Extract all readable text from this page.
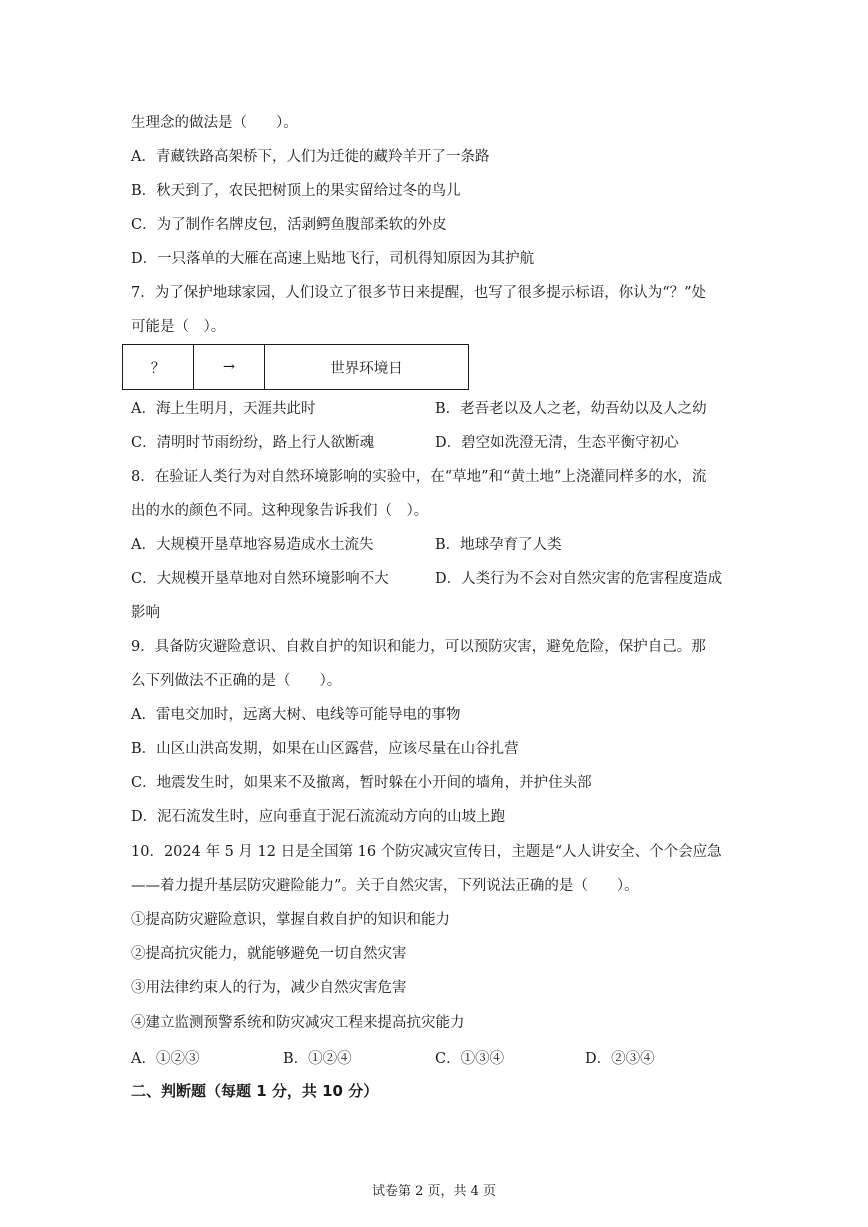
生理念的做法是（　　）。
A．青藏铁路高架桥下，人们为迁徙的藏羚羊开了一条路
B．秋天到了，农民把树顶上的果实留给过冬的鸟儿
C．为了制作名牌皮包，活剥鳄鱼腹部柔软的外皮
D．一只落单的大雁在高速上贴地飞行，司机得知原因为其护航
7．为了保护地球家园，人们设立了很多节日来提醒，也写了很多提示标语，你认为“？”处
可能是（　）。
？	→	世界环境日
A．海上生明月，天涯共此时	B．老吾老以及人之老，幼吾幼以及人之幼
C．清明时节雨纷纷，路上行人欲断魂	D．碧空如洗澄无清，生态平衡守初心
8．在验证人类行为对自然环境影响的实验中，在“草地”和“黄土地”上浇灌同样多的水，流
出的水的颜色不同。这种现象告诉我们（　）。
A．大规模开垦草地容易造成水土流失	B．地球孕育了人类
C．大规模开垦草地对自然环境影响不大	D．人类行为不会对自然灾害的危害程度造成
影响
9．具备防灾避险意识、自救自护的知识和能力，可以预防灾害，避免危险，保护自己。那
么下列做法不正确的是（　　）。
A．雷电交加时，远离大树、电线等可能导电的事物
B．山区山洪高发期，如果在山区露营，应该尽量在山谷扎营
C．地震发生时，如果来不及撤离，暂时躲在小开间的墙角，并护住头部
D．泥石流发生时，应向垂直于泥石流流动方向的山坡上跑
10．2024 年 5 月 12 日是全国第 16 个防灾减灾宣传日，主题是“人人讲安全、个个会应急
——着力提升基层防灾避险能力”。关于自然灾害，下列说法正确的是（　　）。
①提高防灾避险意识，掌握自救自护的知识和能力
②提高抗灾能力，就能够避免一切自然灾害
③用法律约束人的行为，减少自然灾害危害
④建立监测预警系统和防灾减灾工程来提高抗灾能力
A．①②③	B．①②④	C．①③④	D．②③④
二、判断题（每题 1 分，共 10 分）
试卷第 2 页，共 4 页
